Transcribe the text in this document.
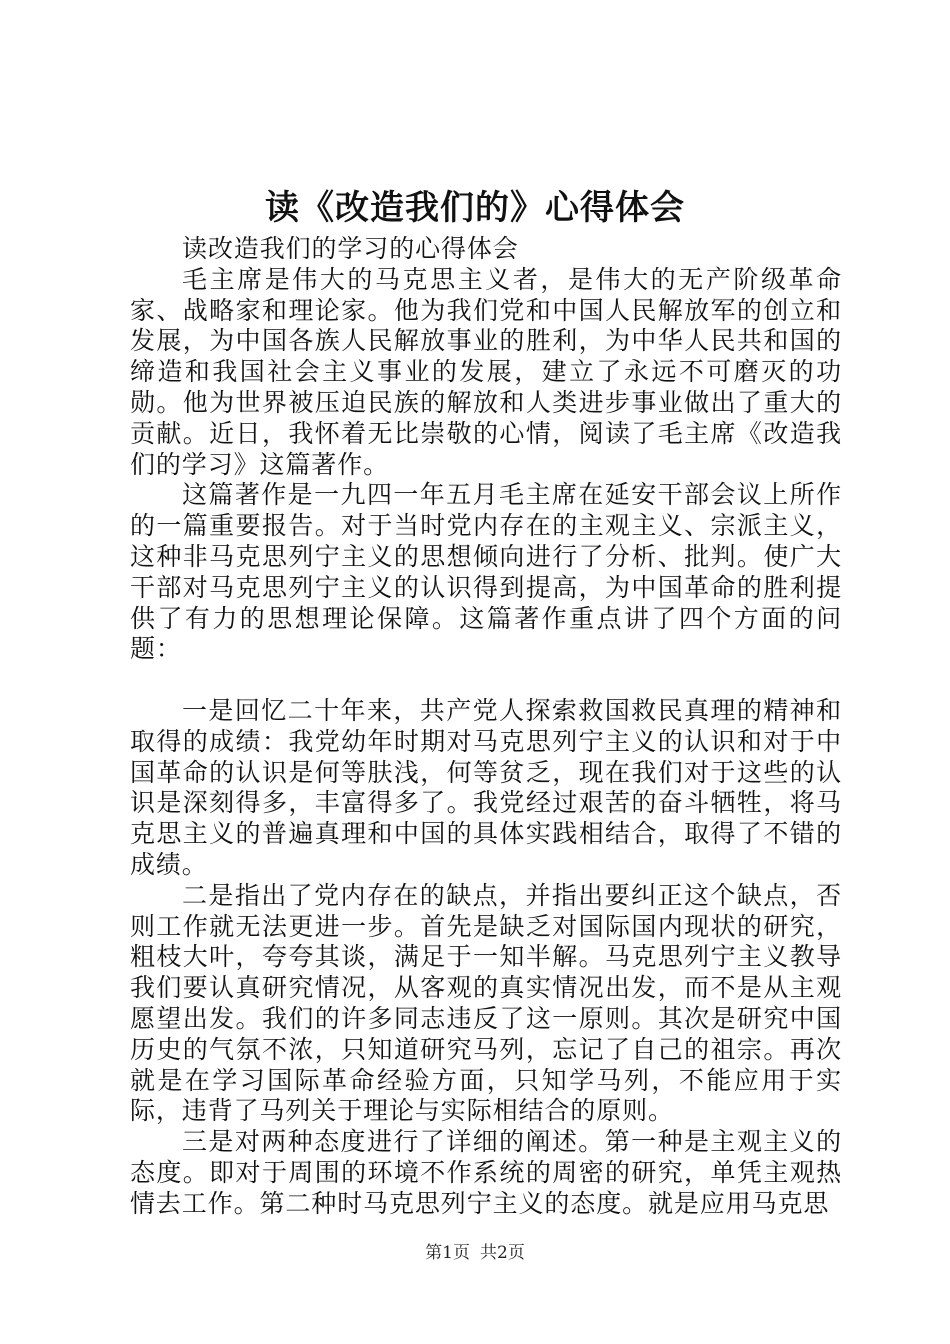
读《改造我们的》心得体会

读改造我们的学习的心得体会

毛主席是伟大的马克思主义者，是伟大的无产阶级革命家、战略家和理论家。他为我们党和中国人民解放军的创立和发展，为中国各族人民解放事业的胜利，为中华人民共和国的缔造和我国社会主义事业的发展，建立了永远不可磨灭的功勋。他为世界被压迫民族的解放和人类进步事业做出了重大的贡献。近日，我怀着无比崇敬的心情，阅读了毛主席《改造我们的学习》这篇著作。

这篇著作是一九四一年五月毛主席在延安干部会议上所作的一篇重要报告。对于当时党内存在的主观主义、宗派主义，这种非马克思列宁主义的思想倾向进行了分析、批判。使广大干部对马克思列宁主义的认识得到提高，为中国革命的胜利提供了有力的思想理论保障。这篇著作重点讲了四个方面的问题：

一是回忆二十年来，共产党人探索救国救民真理的精神和取得的成绩：我党幼年时期对马克思列宁主义的认识和对于中国革命的认识是何等肤浅，何等贫乏，现在我们对于这些的认识是深刻得多，丰富得多了。我党经过艰苦的奋斗牺牲，将马克思主义的普遍真理和中国的具体实践相结合，取得了不错的成绩。

二是指出了党内存在的缺点，并指出要纠正这个缺点，否则工作就无法更进一步。首先是缺乏对国际国内现状的研究，粗枝大叶，夸夸其谈，满足于一知半解。马克思列宁主义教导我们要认真研究情况，从客观的真实情况出发，而不是从主观愿望出发。我们的许多同志违反了这一原则。其次是研究中国历史的气氛不浓，只知道研究马列，忘记了自己的祖宗。再次就是在学习国际革命经验方面，只知学马列，不能应用于实际，违背了马列关于理论与实际相结合的原则。

三是对两种态度进行了详细的阐述。第一种是主观主义的态度。即对于周围的环境不作系统的周密的研究，单凭主观热情去工作。第二种时马克思列宁主义的态度。就是应用马克思

第1页 共2页
